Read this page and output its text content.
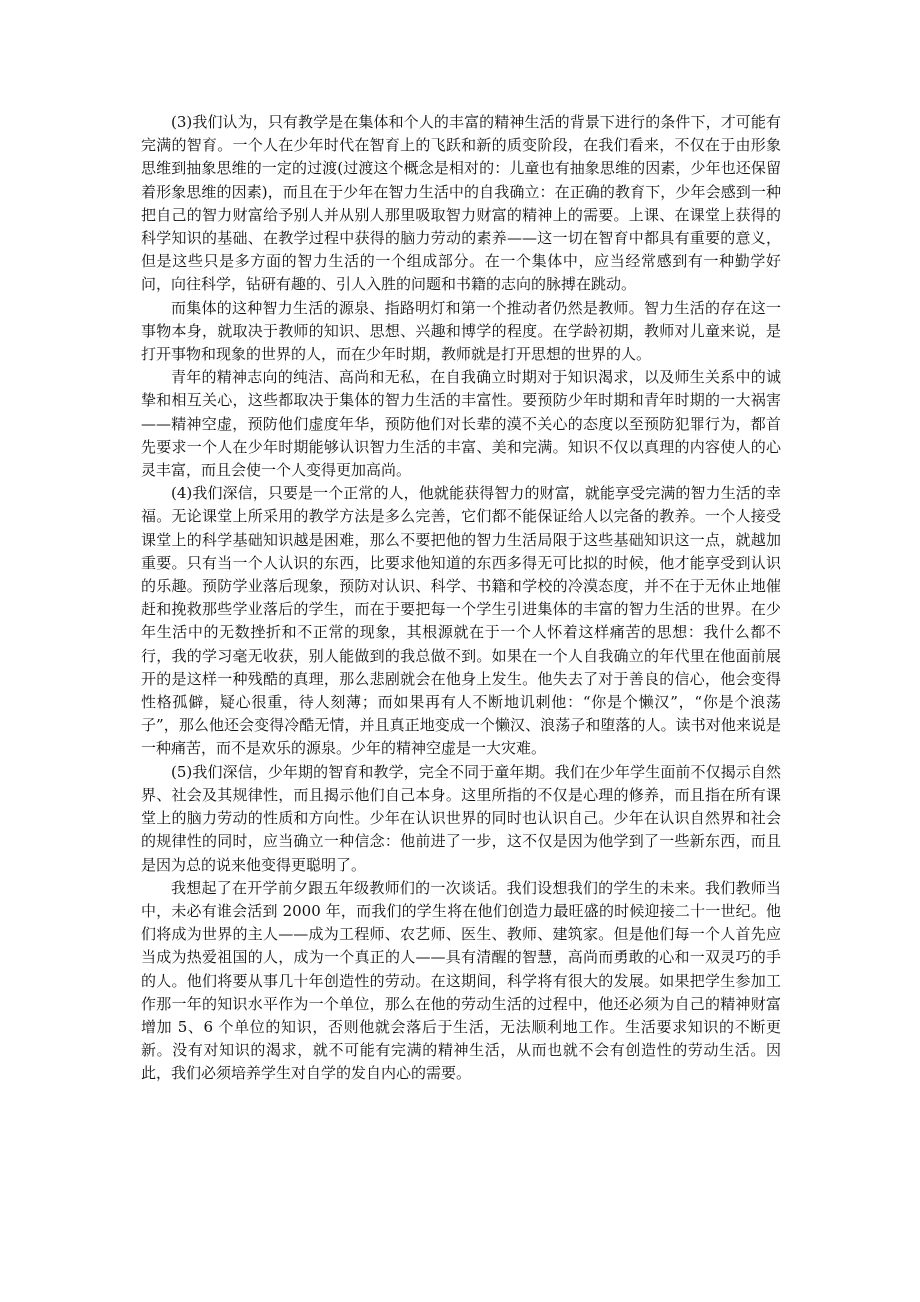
(3)我们认为，只有教学是在集体和个人的丰富的精神生活的背景下进行的条件下，才可能有完满的智育。一个人在少年时代在智育上的飞跃和新的质变阶段，在我们看来，不仅在于由形象思维到抽象思维的一定的过渡(过渡这个概念是相对的：儿童也有抽象思维的因素，少年也还保留着形象思维的因素)，而且在于少年在智力生活中的自我确立：在正确的教育下，少年会感到一种把自己的智力财富给予别人并从别人那里吸取智力财富的精神上的需要。上课、在课堂上获得的科学知识的基础、在教学过程中获得的脑力劳动的素养——这一切在智育中都具有重要的意义，但是这些只是多方面的智力生活的一个组成部分。在一个集体中，应当经常感到有一种勤学好问，向往科学，钻研有趣的、引人入胜的问题和书籍的志向的脉搏在跳动。

而集体的这种智力生活的源泉、指路明灯和第一个推动者仍然是教师。智力生活的存在这一事物本身，就取决于教师的知识、思想、兴趣和博学的程度。在学龄初期，教师对儿童来说，是打开事物和现象的世界的人，而在少年时期，教师就是打开思想的世界的人。

青年的精神志向的纯洁、高尚和无私，在自我确立时期对于知识渴求，以及师生关系中的诚挚和相互关心，这些都取决于集体的智力生活的丰富性。要预防少年时期和青年时期的一大祸害——精神空虚，预防他们虚度年华，预防他们对长辈的漠不关心的态度以至预防犯罪行为，都首先要求一个人在少年时期能够认识智力生活的丰富、美和完满。知识不仅以真理的内容使人的心灵丰富，而且会使一个人变得更加高尚。

(4)我们深信，只要是一个正常的人，他就能获得智力的财富，就能享受完满的智力生活的幸福。无论课堂上所采用的教学方法是多么完善，它们都不能保证给人以完备的教养。一个人接受课堂上的科学基础知识越是困难，那么不要把他的智力生活局限于这些基础知识这一点，就越加重要。只有当一个人认识的东西，比要求他知道的东西多得无可比拟的时候，他才能享受到认识的乐趣。预防学业落后现象，预防对认识、科学、书籍和学校的冷漠态度，并不在于无休止地催赶和挽救那些学业落后的学生，而在于要把每一个学生引进集体的丰富的智力生活的世界。在少年生活中的无数挫折和不正常的现象，其根源就在于一个人怀着这样痛苦的思想：我什么都不行，我的学习毫无收获，别人能做到的我总做不到。如果在一个人自我确立的年代里在他面前展开的是这样一种残酷的真理，那么悲剧就会在他身上发生。他失去了对于善良的信心，他会变得性格孤僻，疑心很重，待人刻薄；而如果再有人不断地讥刺他：“你是个懒汉”，“你是个浪荡子”，那么他还会变得冷酷无情，并且真正地变成一个懒汉、浪荡子和堕落的人。读书对他来说是一种痛苦，而不是欢乐的源泉。少年的精神空虚是一大灾难。

(5)我们深信，少年期的智育和教学，完全不同于童年期。我们在少年学生面前不仅揭示自然界、社会及其规律性，而且揭示他们自己本身。这里所指的不仅是心理的修养，而且指在所有课堂上的脑力劳动的性质和方向性。少年在认识世界的同时也认识自己。少年在认识自然界和社会的规律性的同时，应当确立一种信念：他前进了一步，这不仅是因为他学到了一些新东西，而且是因为总的说来他变得更聪明了。

我想起了在开学前夕跟五年级教师们的一次谈话。我们设想我们的学生的未来。我们教师当中，未必有谁会活到 2000 年，而我们的学生将在他们创造力最旺盛的时候迎接二十一世纪。他们将成为世界的主人——成为工程师、农艺师、医生、教师、建筑家。但是他们每一个人首先应当成为热爱祖国的人，成为一个真正的人——具有清醒的智慧，高尚而勇敢的心和一双灵巧的手的人。他们将要从事几十年创造性的劳动。在这期间，科学将有很大的发展。如果把学生参加工作那一年的知识水平作为一个单位，那么在他的劳动生活的过程中，他还必须为自己的精神财富增加 5、6 个单位的知识，否则他就会落后于生活，无法顺利地工作。生活要求知识的不断更新。没有对知识的渴求，就不可能有完满的精神生活，从而也就不会有创造性的劳动生活。因此，我们必须培养学生对自学的发自内心的需要。
